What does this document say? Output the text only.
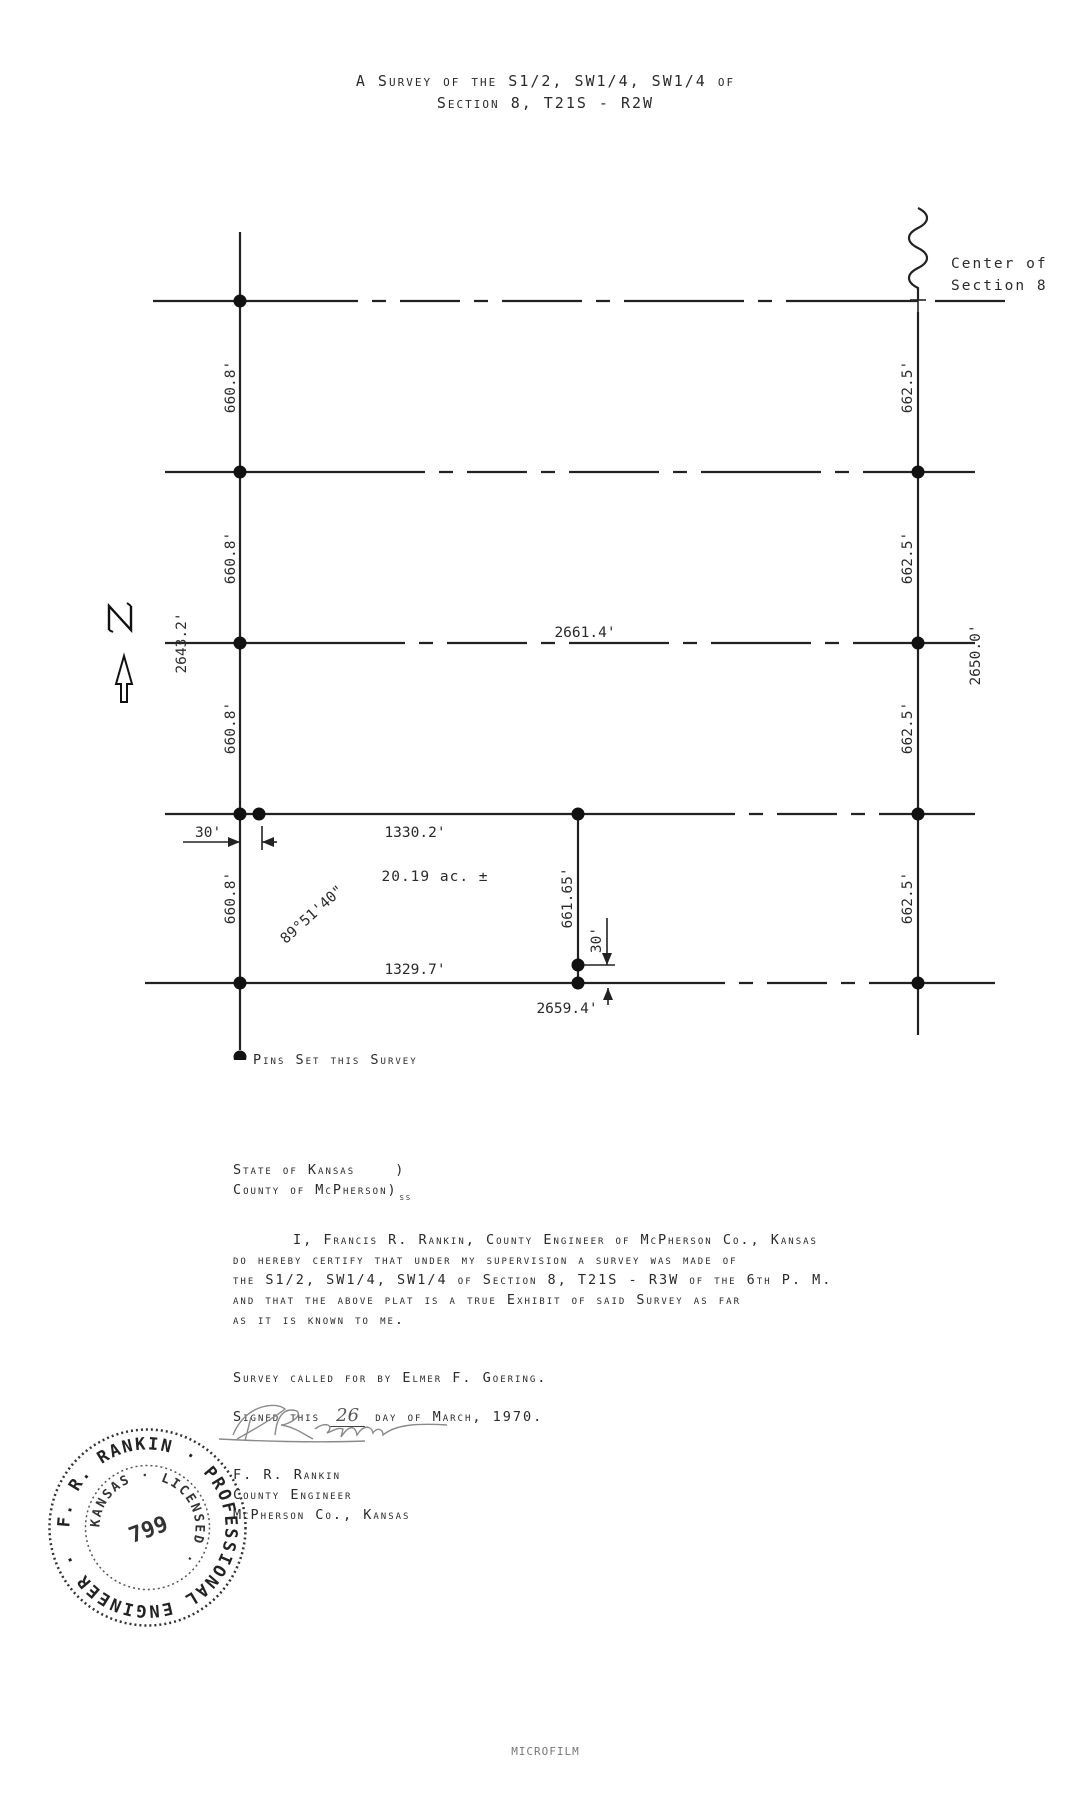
A Survey of the S1/2, SW1/4, SW1/4 of
Section 8, T21S - R2W
N
Center of
Section 8
660.8'
660.8'
660.8'
660.8'
2643.2'
662.5'
662.5'
662.5'
662.5'
2650.0'
2661.4'
1330.2'
1329.7'
661.65'
20.19 ac. ±
89°51'40"
30'
30'
2659.4'
Pins Set this Survey
State of Kansas	)
County of McPherson) $_{ss}$
I, Francis R. Rankin, County Engineer of McPherson Co., Kansas
do hereby certify that under my supervision a survey was made of
the S1/2, SW1/4, SW1/4 of Section 8, T21S - R3W of the 6th P. M.
and that the above plat is a true Exhibit of said Survey as far
as it is known to me.
Survey called for by Elmer F. Goering.
Signed this 26 day of March, 1970.
F. R. Rankin
County Engineer
McPherson Co., Kansas
FRankin
F. R. RANKIN · PROFESSIONAL ENGINEER ·
KANSAS · LICENSED ·
799
MICROFILM
